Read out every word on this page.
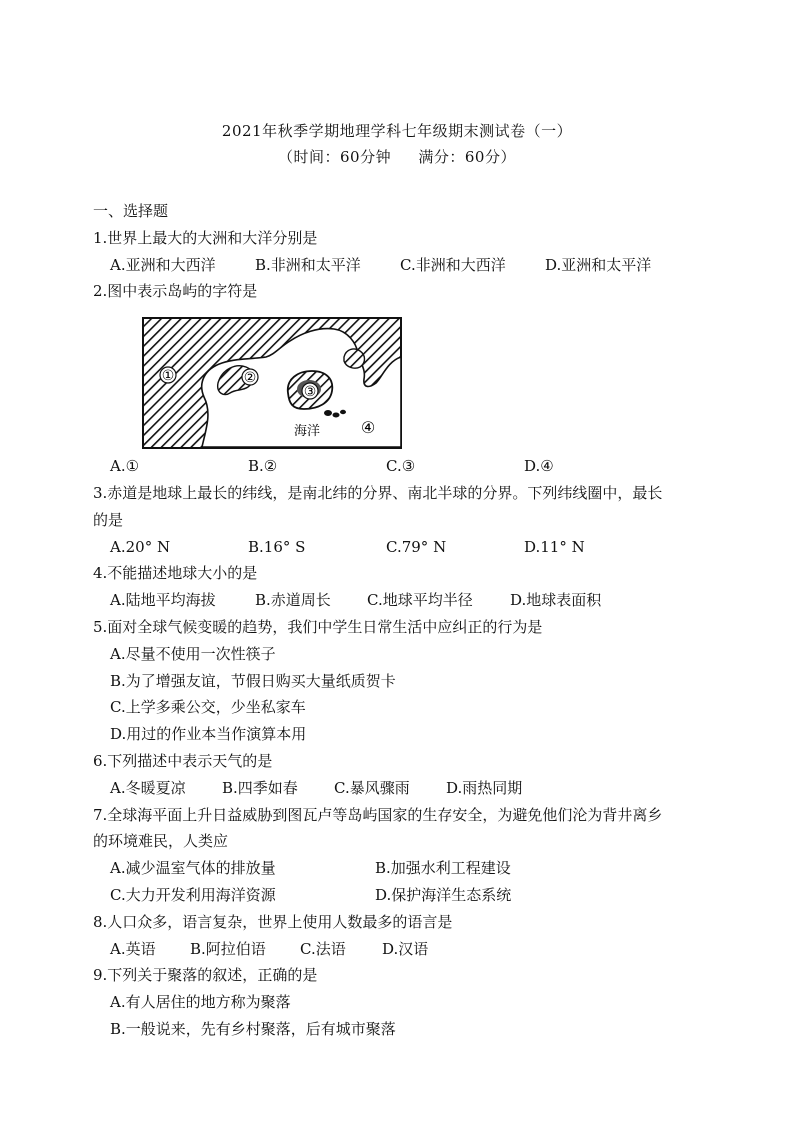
2021年秋季学期地理学科七年级期末测试卷（一）
（时间：60分钟 满分：60分）
一、选择题
1.世界上最大的大洲和大洋分别是
A.亚洲和大西洋	B.非洲和太平洋	C.非洲和大西洋	D.亚洲和太平洋
2.图中表示岛屿的字符是
①	②
③
④
海洋
A.①	B.②	C.③	D.④
3.赤道是地球上最长的纬线，是南北纬的分界、南北半球的分界。下列纬线圈中，最长
的是
A.20° N	B.16° S	C.79° N	D.11° N
4.不能描述地球大小的是
A.陆地平均海拔	B.赤道周长	C.地球平均半径	D.地球表面积
5.面对全球气候变暖的趋势，我们中学生日常生活中应纠正的行为是
A.尽量不使用一次性筷子
B.为了增强友谊，节假日购买大量纸质贺卡
C.上学多乘公交，少坐私家车
D.用过的作业本当作演算本用
6.下列描述中表示天气的是
A.冬暖夏凉	B.四季如春	C.暴风骤雨	D.雨热同期
7.全球海平面上升日益威胁到图瓦卢等岛屿国家的生存安全，为避免他们沦为背井离乡
的环境难民，人类应
A.减少温室气体的排放量	B.加强水利工程建设
C.大力开发利用海洋资源	D.保护海洋生态系统
8.人口众多，语言复杂，世界上使用人数最多的语言是
A.英语	B.阿拉伯语	C.法语	D.汉语
9.下列关于聚落的叙述，正确的是
A.有人居住的地方称为聚落
B.一般说来，先有乡村聚落，后有城市聚落
